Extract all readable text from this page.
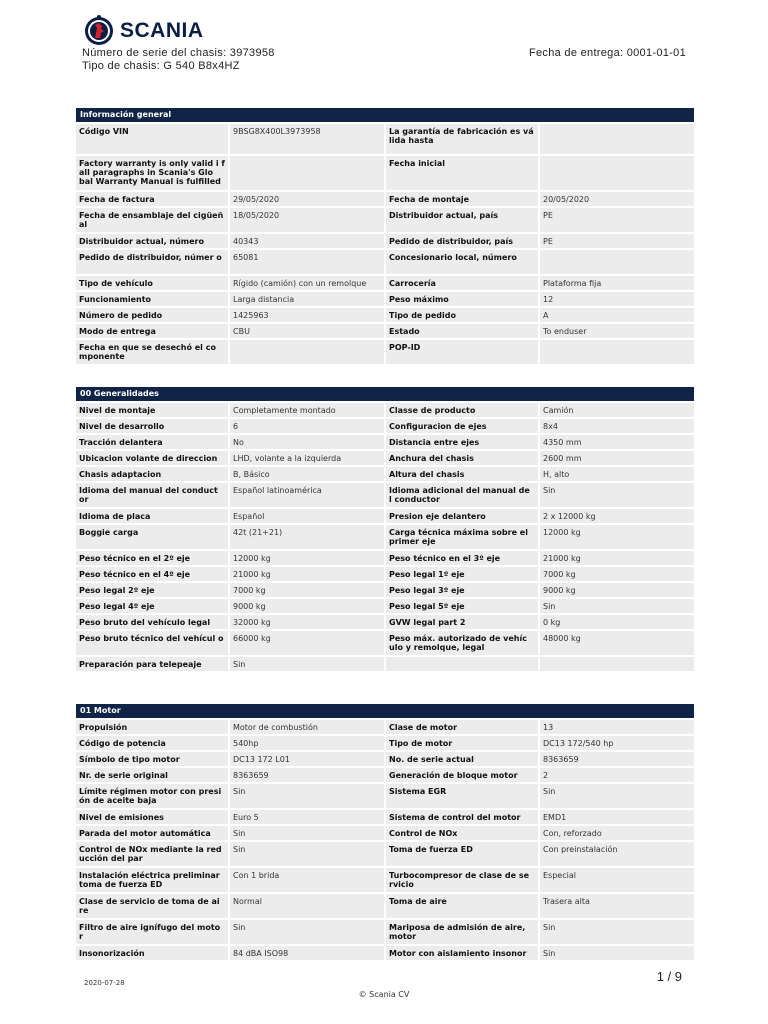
SCANIA
Número de serie del chasis: 3973958
Tipo de chasis: G 540 B8x4HZ
Fecha de entrega: 0001-01-01
Información general
Código VIN	9BSG8X400L3973958	La garantía de fabricación es vá lida hasta	
Factory warranty is only valid i f all paragraphs in Scania's Glo bal Warranty Manual is fulfilled		Fecha inicial	
Fecha de factura	29/05/2020	Fecha de montaje	20/05/2020
Fecha de ensamblaje del cigüeñ al	18/05/2020	Distribuidor actual, país	PE
Distribuidor actual, número	40343	Pedido de distribuidor, país	PE
Pedido de distribuidor, númer o	65081	Concesionario local, número	
Tipo de vehículo	Rígido (camión) con un remolque	Carrocería	Plataforma fija
Funcionamiento	Larga distancia	Peso máximo	12
Número de pedido	1425963	Tipo de pedido	A
Modo de entrega	CBU	Estado	To enduser
Fecha en que se desechó el co mponente		POP-ID	
00 Generalidades
Nivel de montaje	Completamente montado	Classe de producto	Camión
Nivel de desarrollo	6	Configuracion de ejes	8x4
Tracción delantera	No	Distancia entre ejes	4350 mm
Ubicacion volante de direccion	LHD, volante a la izquierda	Anchura del chasis	2600 mm
Chasis adaptacion	B, Básico	Altura del chasis	H, alto
Idioma del manual del conduct or	Español latinoamérica	Idioma adicional del manual de l conductor	Sin
Idioma de placa	Español	Presion eje delantero	2 x 12000 kg
Boggie carga	42t (21+21)	Carga técnica máxima sobre el primer eje	12000 kg
Peso técnico en el 2º eje	12000 kg	Peso técnico en el 3º eje	21000 kg
Peso técnico en el 4º eje	21000 kg	Peso legal 1º eje	7000 kg
Peso legal 2º eje	7000 kg	Peso legal 3º eje	9000 kg
Peso legal 4º eje	9000 kg	Peso legal 5º eje	Sin
Peso bruto del vehículo legal	32000 kg	GVW legal part 2	0 kg
Peso bruto técnico del vehícul o	66000 kg	Peso máx. autorizado de vehíc ulo y remolque, legal	48000 kg
Preparación para telepeaje	Sin		
01 Motor
Propulsión	Motor de combustión	Clase de motor	13
Código de potencia	540hp	Tipo de motor	DC13 172/540 hp
Símbolo de tipo motor	DC13 172 L01	No. de serie actual	8363659
Nr. de serie original	8363659	Generación de bloque motor	2
Límite régimen motor con presi ón de aceite baja	Sin	Sistema EGR	Sin
Nivel de emisiones	Euro 5	Sistema de control del motor	EMD1
Parada del motor automática	Sin	Control de NOx	Con, reforzado
Control de NOx mediante la red ucción del par	Sin	Toma de fuerza ED	Con preinstalación
Instalación eléctrica preliminar toma de fuerza ED	Con 1 brida	Turbocompresor de clase de se rvicio	Especial
Clase de servicio de toma de ai re	Normal	Toma de aire	Trasera alta
Filtro de aire ignífugo del moto r	Sin	Mariposa de admisión de aire, motor	Sin
Insonorización	84 dBA ISO98	Motor con aislamiento insonor	Sin
1 / 9
2020-07-28
© Scania CV
